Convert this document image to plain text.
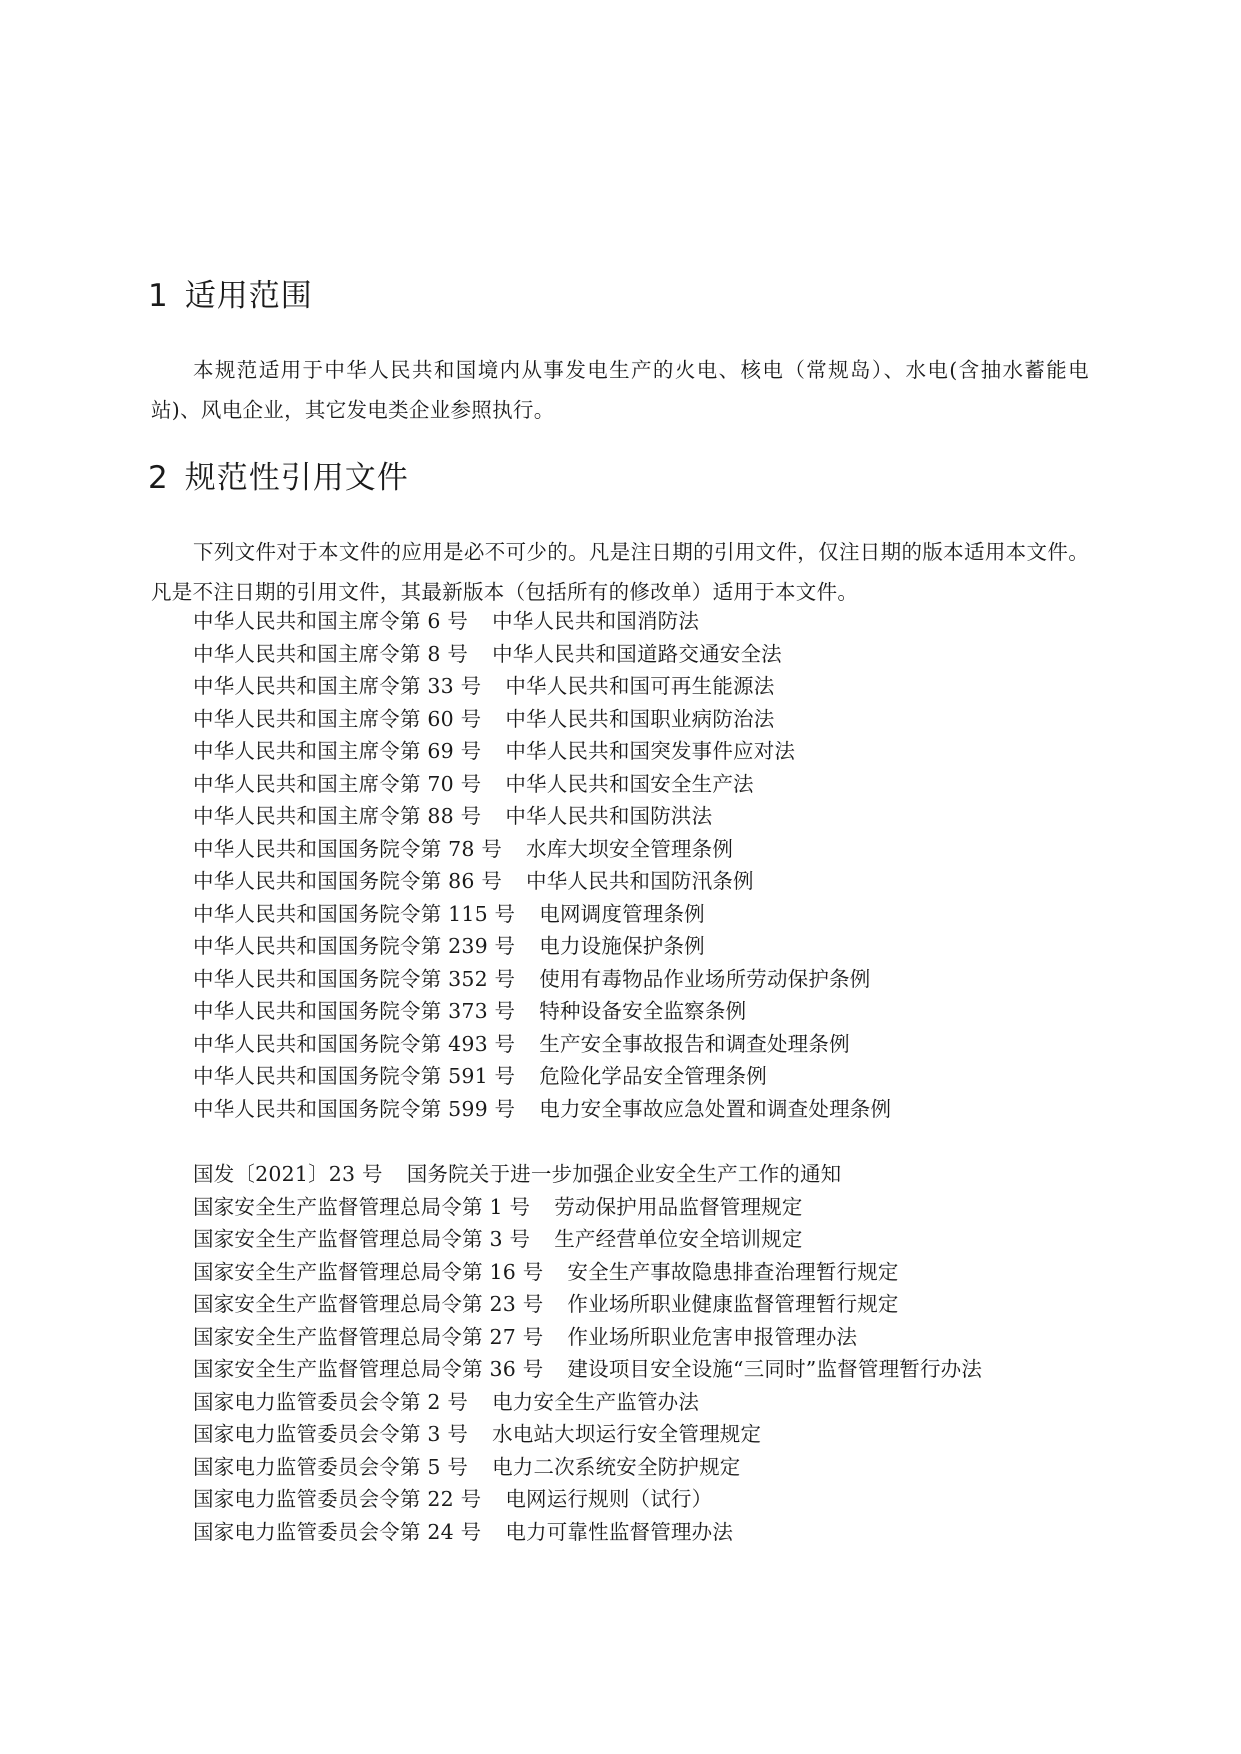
1 适用范围

本规范适用于中华人民共和国境内从事发电生产的火电、核电（常规岛）、水电(含抽水蓄能电站)、风电企业，其它发电类企业参照执行。

2 规范性引用文件

下列文件对于本文件的应用是必不可少的。凡是注日期的引用文件，仅注日期的版本适用本文件。凡是不注日期的引用文件，其最新版本（包括所有的修改单）适用于本文件。

中华人民共和国主席令第 6 号 中华人民共和国消防法
中华人民共和国主席令第 8 号 中华人民共和国道路交通安全法
中华人民共和国主席令第 33 号 中华人民共和国可再生能源法
中华人民共和国主席令第 60 号 中华人民共和国职业病防治法
中华人民共和国主席令第 69 号 中华人民共和国突发事件应对法
中华人民共和国主席令第 70 号 中华人民共和国安全生产法
中华人民共和国主席令第 88 号 中华人民共和国防洪法
中华人民共和国国务院令第 78 号 水库大坝安全管理条例
中华人民共和国国务院令第 86 号 中华人民共和国防汛条例
中华人民共和国国务院令第 115 号 电网调度管理条例
中华人民共和国国务院令第 239 号 电力设施保护条例
中华人民共和国国务院令第 352 号 使用有毒物品作业场所劳动保护条例
中华人民共和国国务院令第 373 号 特种设备安全监察条例
中华人民共和国国务院令第 493 号 生产安全事故报告和调查处理条例
中华人民共和国国务院令第 591 号 危险化学品安全管理条例
中华人民共和国国务院令第 599 号 电力安全事故应急处置和调查处理条例
国发〔2021〕23 号 国务院关于进一步加强企业安全生产工作的通知
国家安全生产监督管理总局令第 1 号 劳动保护用品监督管理规定
国家安全生产监督管理总局令第 3 号 生产经营单位安全培训规定
国家安全生产监督管理总局令第 16 号 安全生产事故隐患排查治理暂行规定
国家安全生产监督管理总局令第 23 号 作业场所职业健康监督管理暂行规定
国家安全生产监督管理总局令第 27 号 作业场所职业危害申报管理办法
国家安全生产监督管理总局令第 36 号 建设项目安全设施“三同时”监督管理暂行办法
国家电力监管委员会令第 2 号 电力安全生产监管办法
国家电力监管委员会令第 3 号 水电站大坝运行安全管理规定
国家电力监管委员会令第 5 号 电力二次系统安全防护规定
国家电力监管委员会令第 22 号 电网运行规则（试行）
国家电力监管委员会令第 24 号 电力可靠性监督管理办法
